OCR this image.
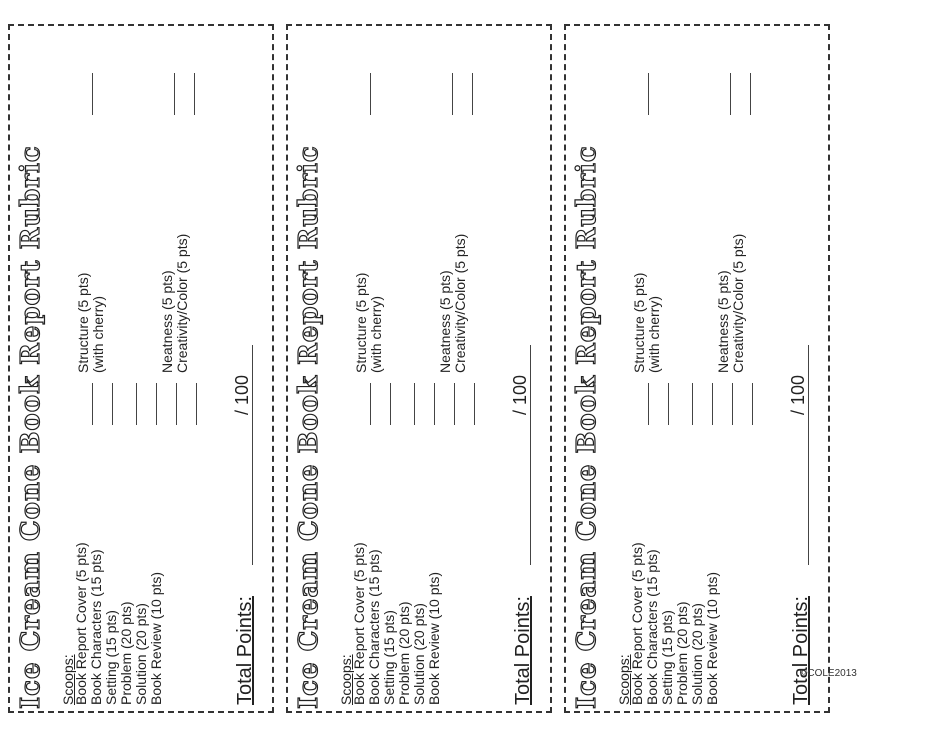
Ice Cream Cone Book Report Rubric Scoops:
Book Report Cover (5 pts) Book Characters (15 pts) Setting (15 pts) Problem (20 pts) Solution (20 pts) Book Review (10 pts)
Structure (5 pts) (with cherry)	Neatness (5 pts) Creativity/Color (5 pts)
Total Points:
/ 100 Ice Cream Cone Book Report Rubric Scoops:
Book Report Cover (5 pts) Book Characters (15 pts) Setting (15 pts) Problem (20 pts) Solution (20 pts) Book Review (10 pts)
Structure (5 pts) (with cherry)	Neatness (5 pts) Creativity/Color (5 pts)
Total Points:
/ 100 Ice Cream Cone Book Report Rubric Scoops:
Book Report Cover (5 pts) Book Characters (15 pts) Setting (15 pts) Problem (20 pts) Solution (20 pts) Book Review (10 pts)
Structure (5 pts) (with cherry)	Neatness (5 pts) Creativity/Color (5 pts)
Total Points:
/ 100
©COLE2013
